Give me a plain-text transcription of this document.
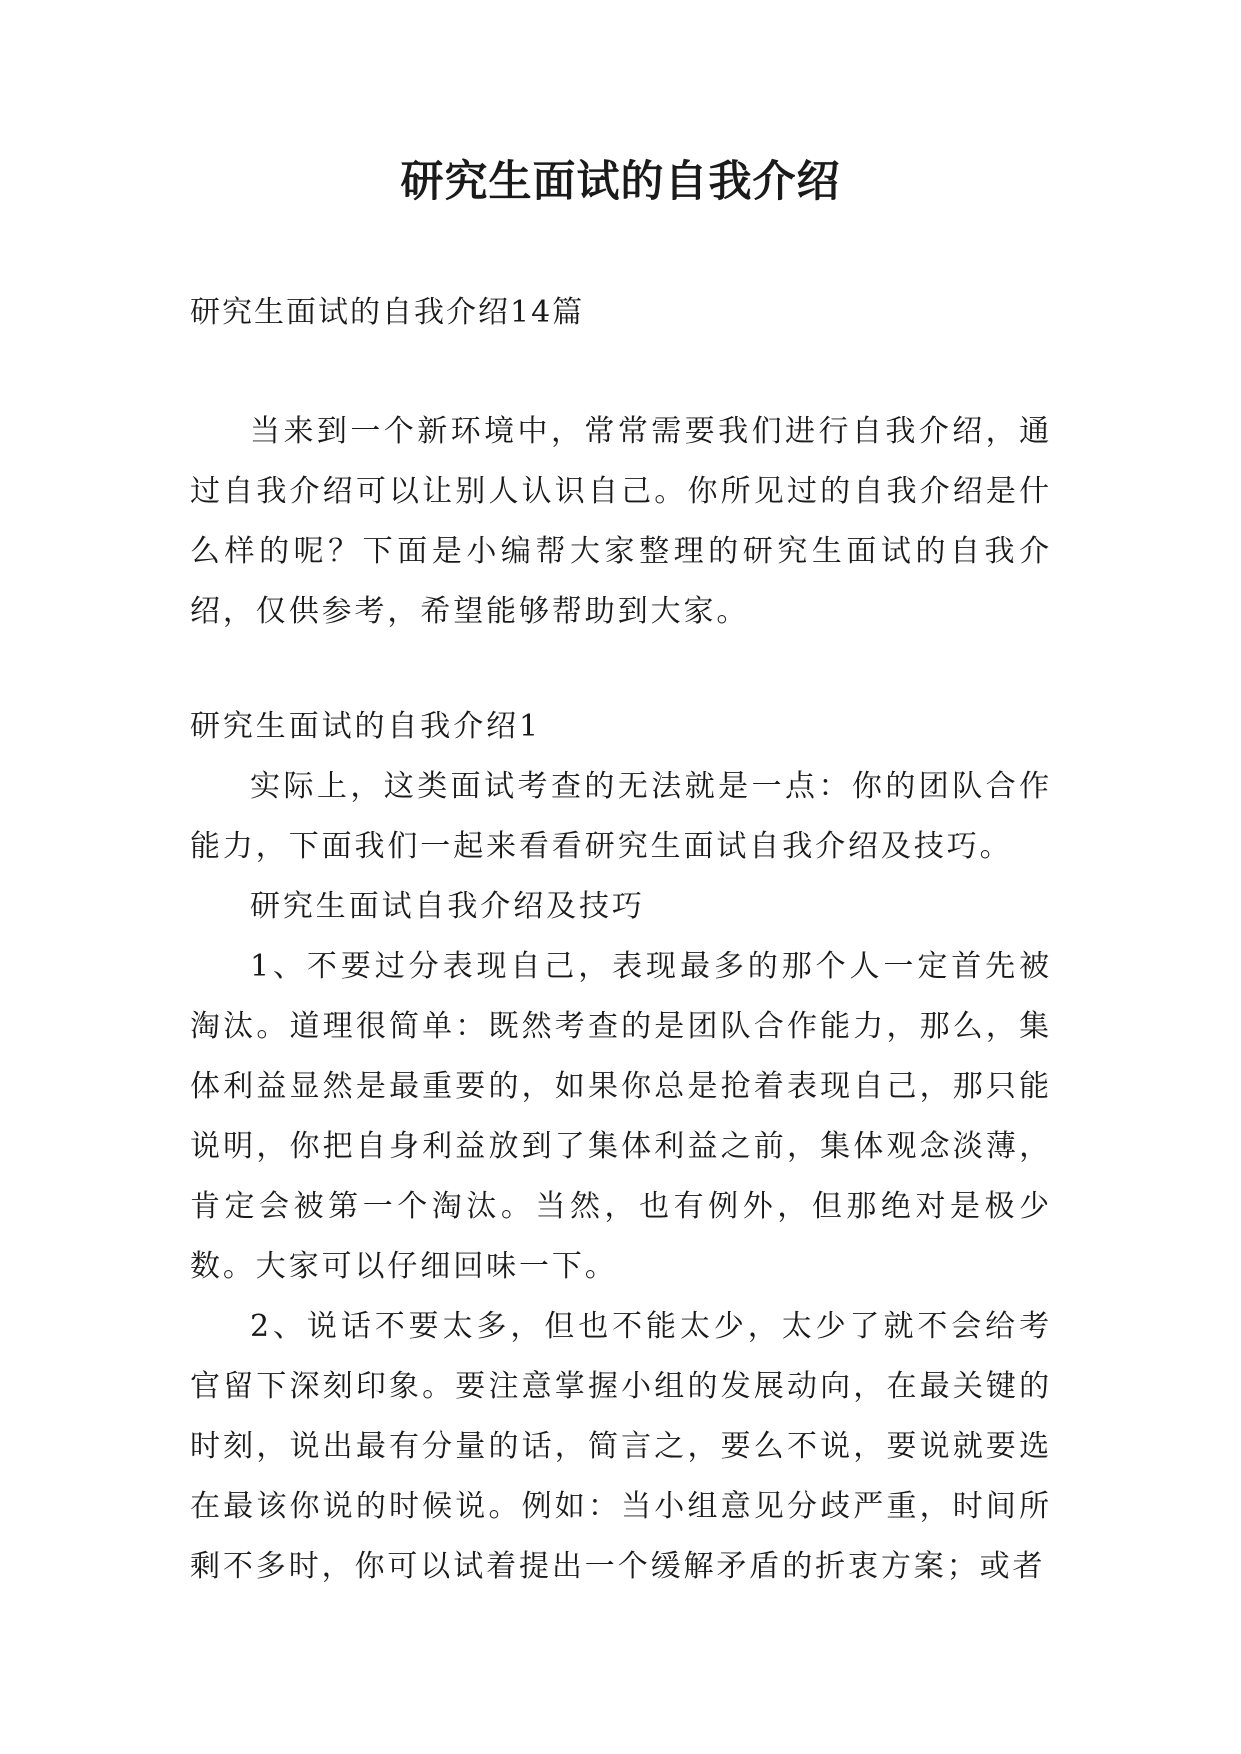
研究生面试的自我介绍
研究生面试的自我介绍14篇

当来到一个新环境中，常常需要我们进行自我介绍，通过自我介绍可以让别人认识自己。你所见过的自我介绍是什么样的呢？下面是小编帮大家整理的研究生面试的自我介绍，仅供参考，希望能够帮助到大家。

研究生面试的自我介绍1

实际上，这类面试考查的无法就是一点：你的团队合作能力，下面我们一起来看看研究生面试自我介绍及技巧。

研究生面试自我介绍及技巧

1、不要过分表现自己，表现最多的那个人一定首先被淘汰。道理很简单：既然考查的是团队合作能力，那么，集体利益显然是最重要的，如果你总是抢着表现自己，那只能说明，你把自身利益放到了集体利益之前，集体观念淡薄，肯定会被第一个淘汰。当然，也有例外，但那绝对是极少数。大家可以仔细回味一下。

2、说话不要太多，但也不能太少，太少了就不会给考官留下深刻印象。要注意掌握小组的发展动向，在最关键的时刻，说出最有分量的话，简言之，要么不说，要说就要选在最该你说的时候说。例如：当小组意见分歧严重，时间所剩不多时，你可以试着提出一个缓解矛盾的折衷方案；或者
